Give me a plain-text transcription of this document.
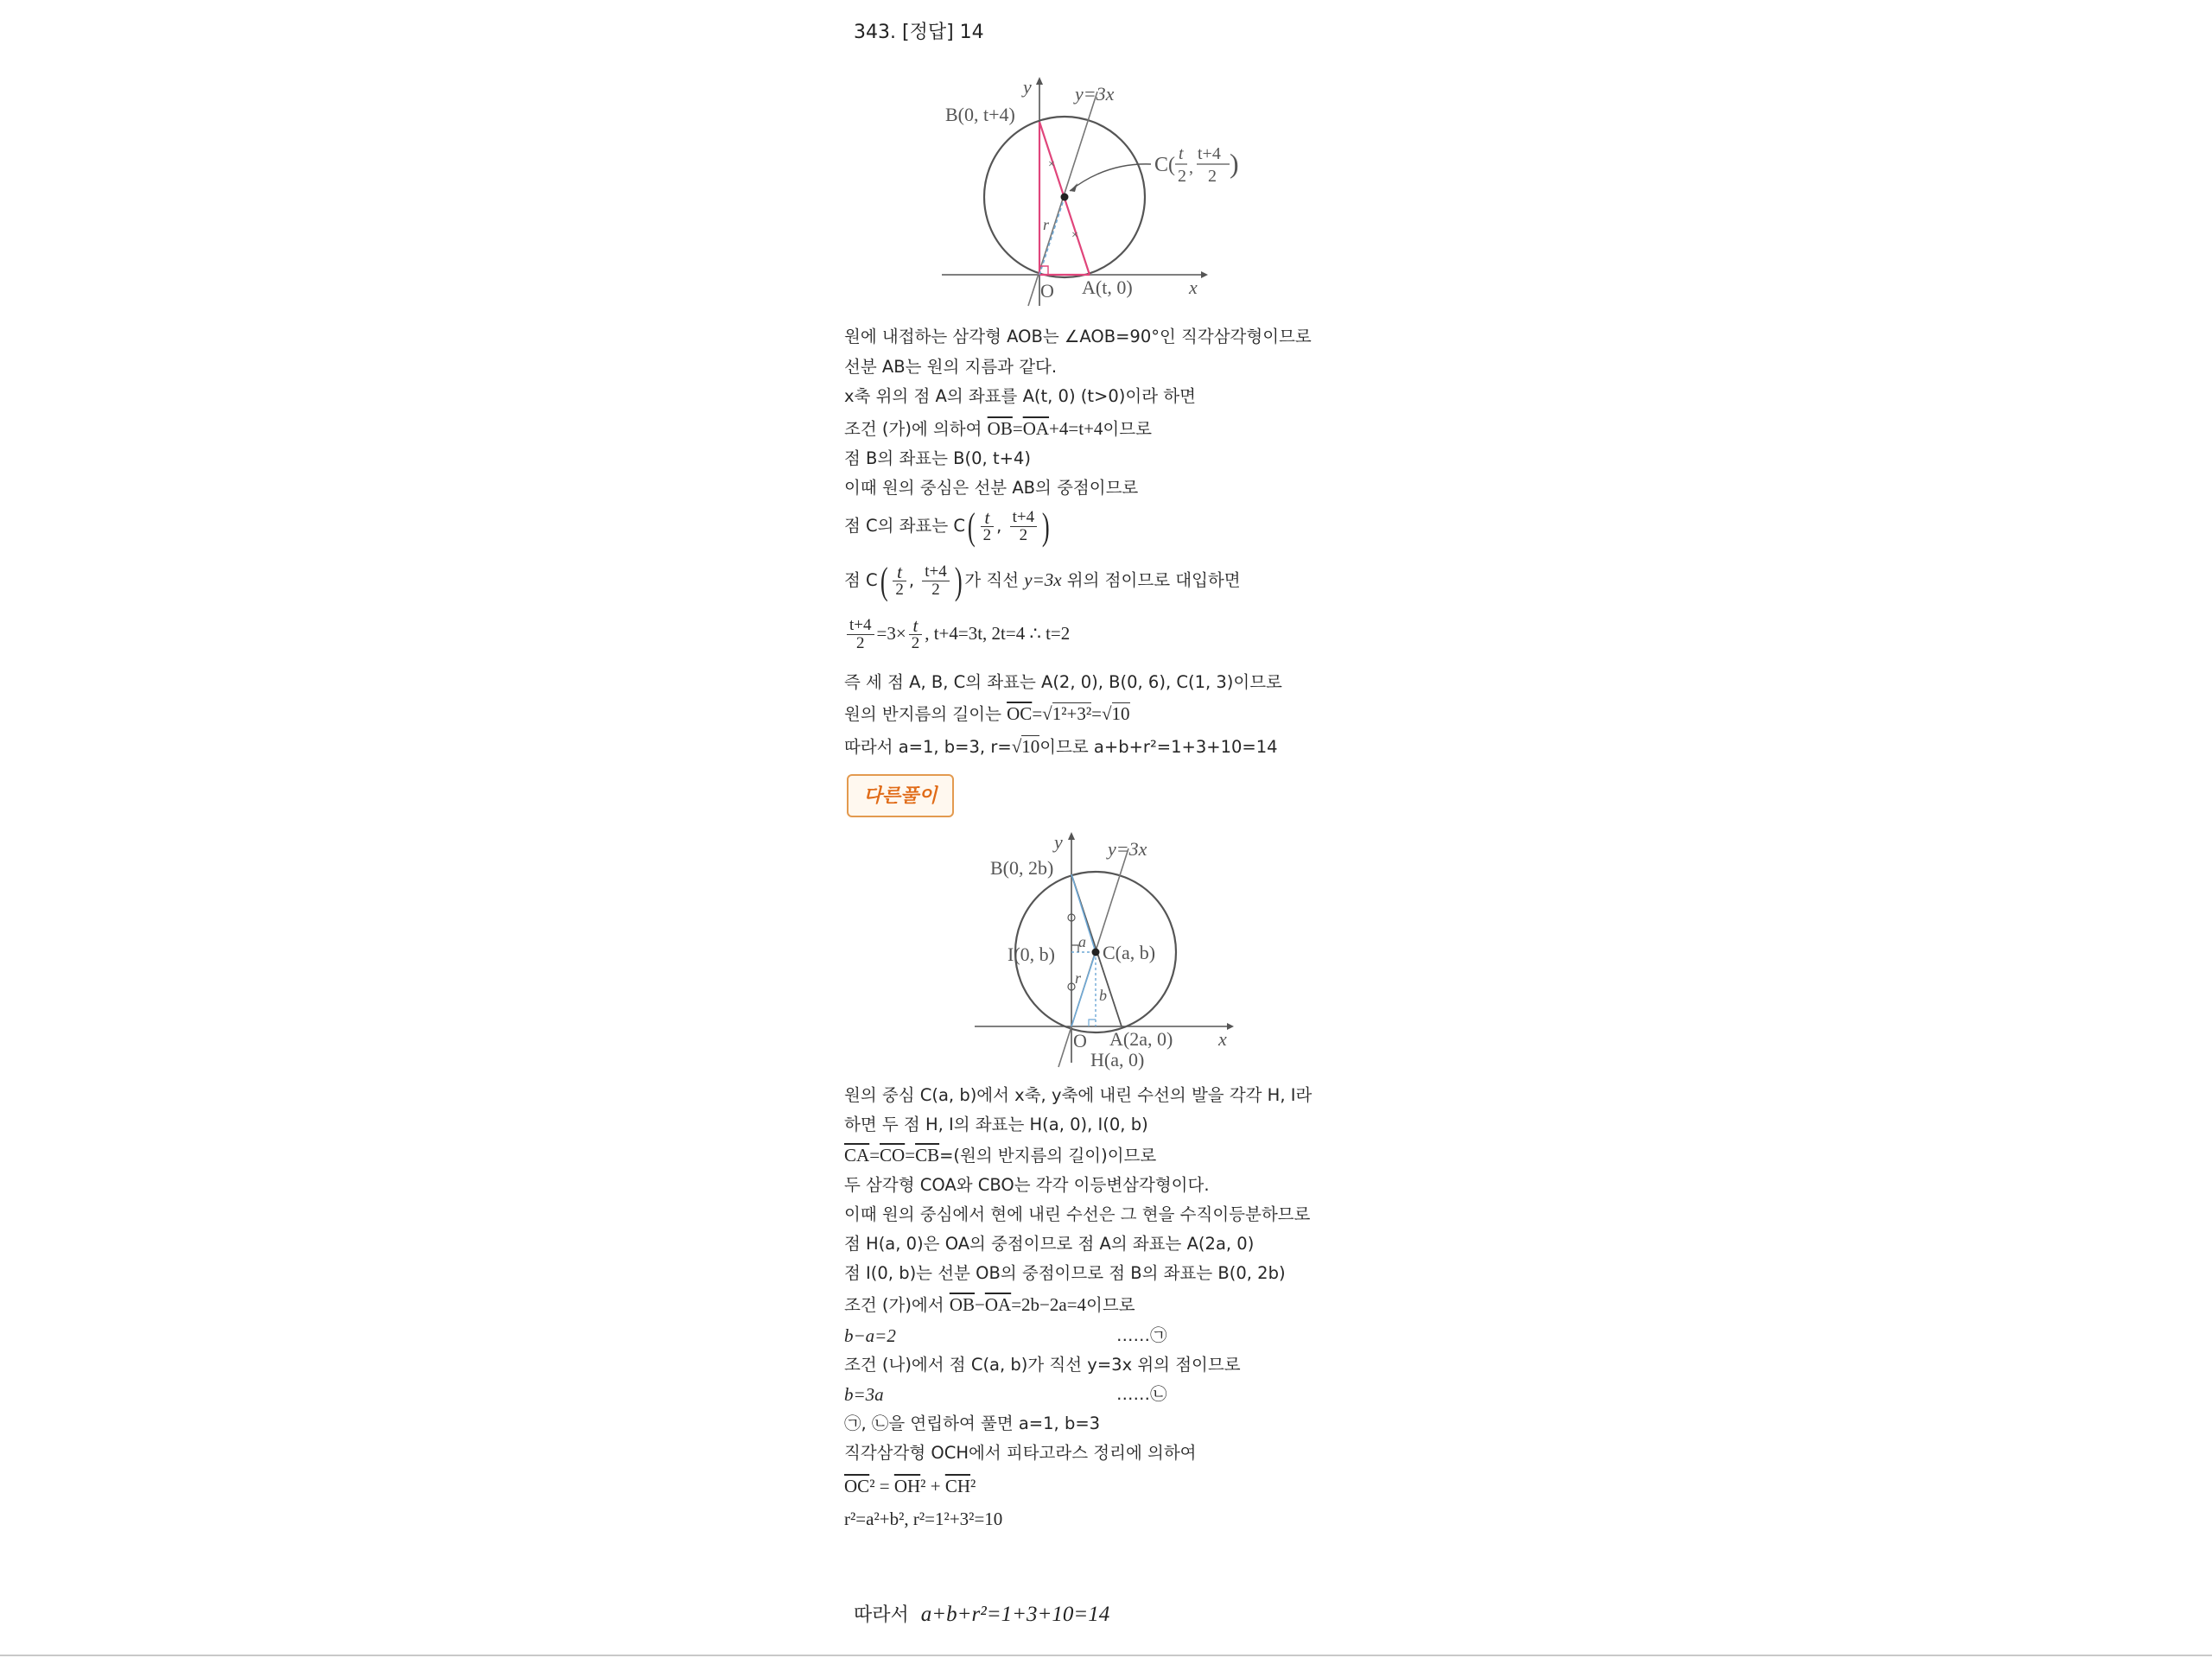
343. [정답] 14
×
×
y y=3x
B(0, t+4)
C( t
2 ,
t+4
2 )
r
O A(t, 0)	x
원에 내접하는 삼각형 AOB는 ∠AOB=90°인 직각삼각형이므로
선분 AB는 원의 지름과 같다.
x축 위의 점 A의 좌표를 A(t, 0) (t>0)이라 하면
조건 (가)에 의하여 $\overline{OB}=\overline{OA}+4=t+4$이므로
점 B의 좌표는 B(0, t+4)
이때 원의 중심은 선분 AB의 중점이므로
점 C의 좌표는 $C( \frac{t}{2}$ , $\frac{t+4}{2}$ )
점 $C( \frac{t}{2}$ , $\frac{t+4}{2}$ ) 가 직선 y=3x 위의 점이므로 대입하면
$\frac{t+4}{2} =3\times \frac{t}{2}$ , t+4=3t, 2t=4 ∴ t=2
즉 세 점 A, B, C의 좌표는 A(2, 0), B(0, 6), C(1, 3)이므로
원의 반지름의 길이는 $\overline{OC}=√1^2+3^2=√10$
따라서 a=1, b=3, r=√10이므로 a+b+r²=1+3+10=14
다른풀이
y y=3x
B(0, 2b)
I(0, b)
a C(a, b)
r
b
O A(2a, 0) x
H(a, 0)
원의 중심 C(a, b)에서 x축, y축에 내린 수선의 발을 각각 H, I라
하면 두 점 H, I의 좌표는 H(a, 0), I(0, b)
$\overline{CA}=\overline{CO}=\overline{CB}=$(원의 반지름의 길이)이므로
두 삼각형 COA와 CBO는 각각 이등변삼각형이다.
이때 원의 중심에서 현에 내린 수선은 그 현을 수직이등분하므로
점 H(a, 0)은 OA의 중점이므로 점 A의 좌표는 A(2a, 0)
점 I(0, b)는 선분 OB의 중점이므로 점 B의 좌표는 B(0, 2b)
조건 (가)에서 $\overline{OB}-\overline{OA}=2b-2a=4$이므로
b−a=2	……㉠
조건 (나)에서 점 C(a, b)가 직선 y=3x 위의 점이므로
b=3a	……㉡
㉠, ㉡을 연립하여 풀면 a=1, b=3
직각삼각형 OCH에서 피타고라스 정리에 의하여
$\overline{OC}^2 = \overline{OH}^2 + \overline{CH}^2$
r²=a²+b², r²=1²+3²=10
따라서 a+b+r²=1+3+10=14
